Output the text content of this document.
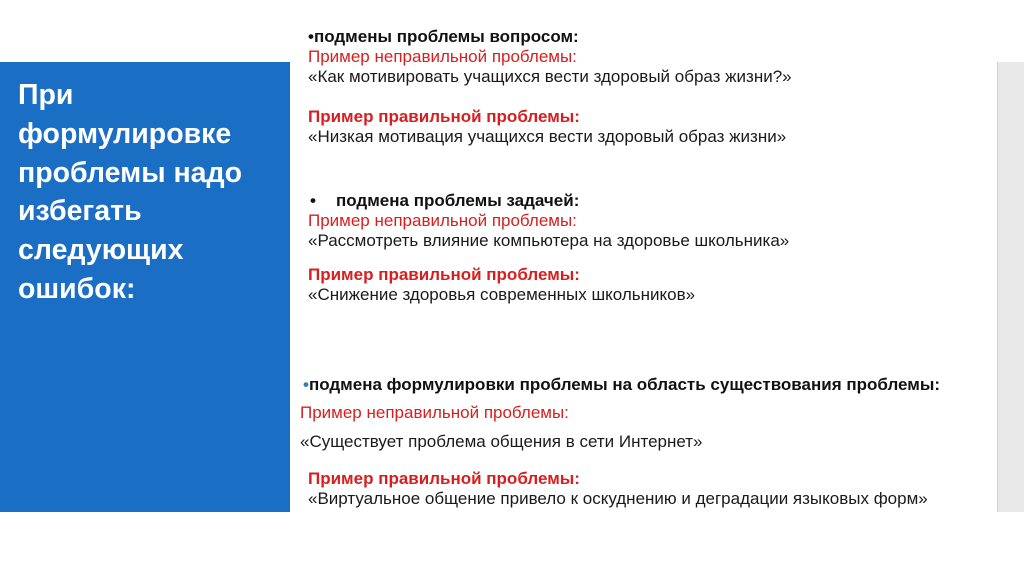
При формулировке проблемы надо избегать следующих ошибок:
•подмены проблемы вопросом:
Пример неправильной проблемы:
«Как мотивировать учащихся вести здоровый образ жизни?»
Пример правильной проблемы:
«Низкая мотивация учащихся вести здоровый образ жизни»
• подмена проблемы задачей:
Пример неправильной проблемы:
«Рассмотреть влияние компьютера на здоровье школьника»
Пример правильной проблемы:
«Снижение здоровья современных школьников»
•подмена формулировки проблемы на область существования проблемы:
Пример неправильной проблемы:
«Существует проблема общения в сети Интернет»
Пример правильной проблемы:
«Виртуальное общение привело к оскуднению и деградации языковых форм»
